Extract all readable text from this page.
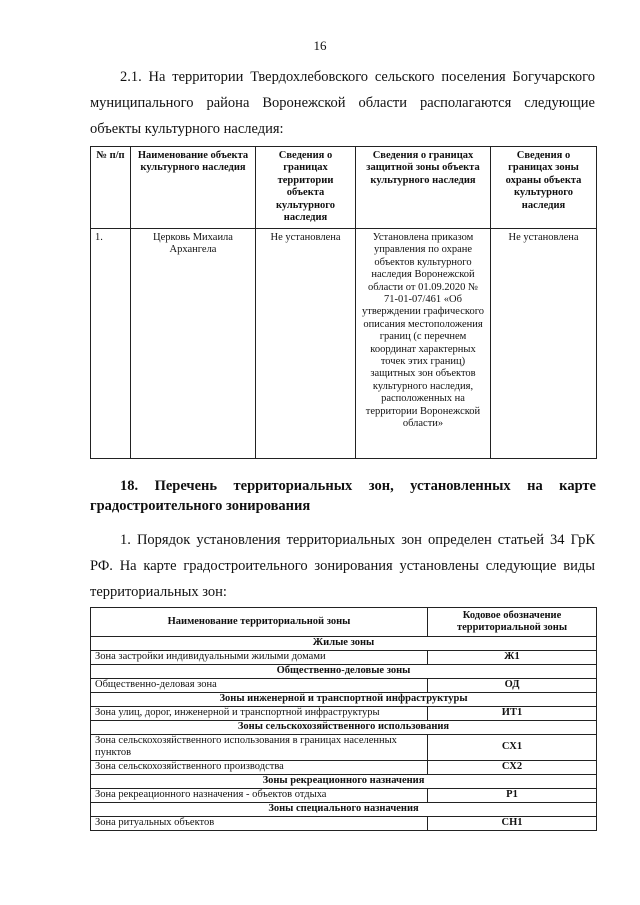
16

2.1. На территории Твердохлебовского сельского поселения Богучарского муниципального района Воронежской области располагаются следующие объекты культурного наследия:

№ п/п	Наименование объекта культурного наследия	Сведения о границах территории объекта культурного наследия	Сведения о границах защитной зоны объекта культурного наследия	Сведения о границах зоны охраны объекта культурного наследия
1.	Церковь Михаила Архангела	Не установлена	Установлена приказом управления по охране объектов культурного наследия Воронежской области от 01.09.2020 № 71-01-07/461 «Об утверждении графического описания местоположения границ (с перечнем координат характерных точек этих границ) защитных зон объектов культурного наследия, расположенных на территории Воронежской области»	Не установлена

18. Перечень территориальных зон, установленных на карте градостроительного зонирования

1. Порядок установления территориальных зон определен статьей 34 ГрК РФ. На карте градостроительного зонирования установлены следующие виды территориальных зон:

Наименование территориальной зоны	Кодовое обозначение территориальной зоны
Жилые зоны	
Зона застройки индивидуальными жилыми домами	Ж1
Общественно-деловые зоны	
Общественно-деловая зона	ОД
Зоны инженерной и транспортной инфраструктуры	
Зона улиц, дорог, инженерной и транспортной инфраструктуры	ИТ1
Зоны сельскохозяйственного использования	
Зона сельскохозяйственного использования в границах населенных пунктов	СХ1
Зона сельскохозяйственного производства	СХ2
Зоны рекреационного назначения	
Зона рекреационного назначения - объектов отдыха	Р1
Зоны специального назначения	
Зона ритуальных объектов	СН1
